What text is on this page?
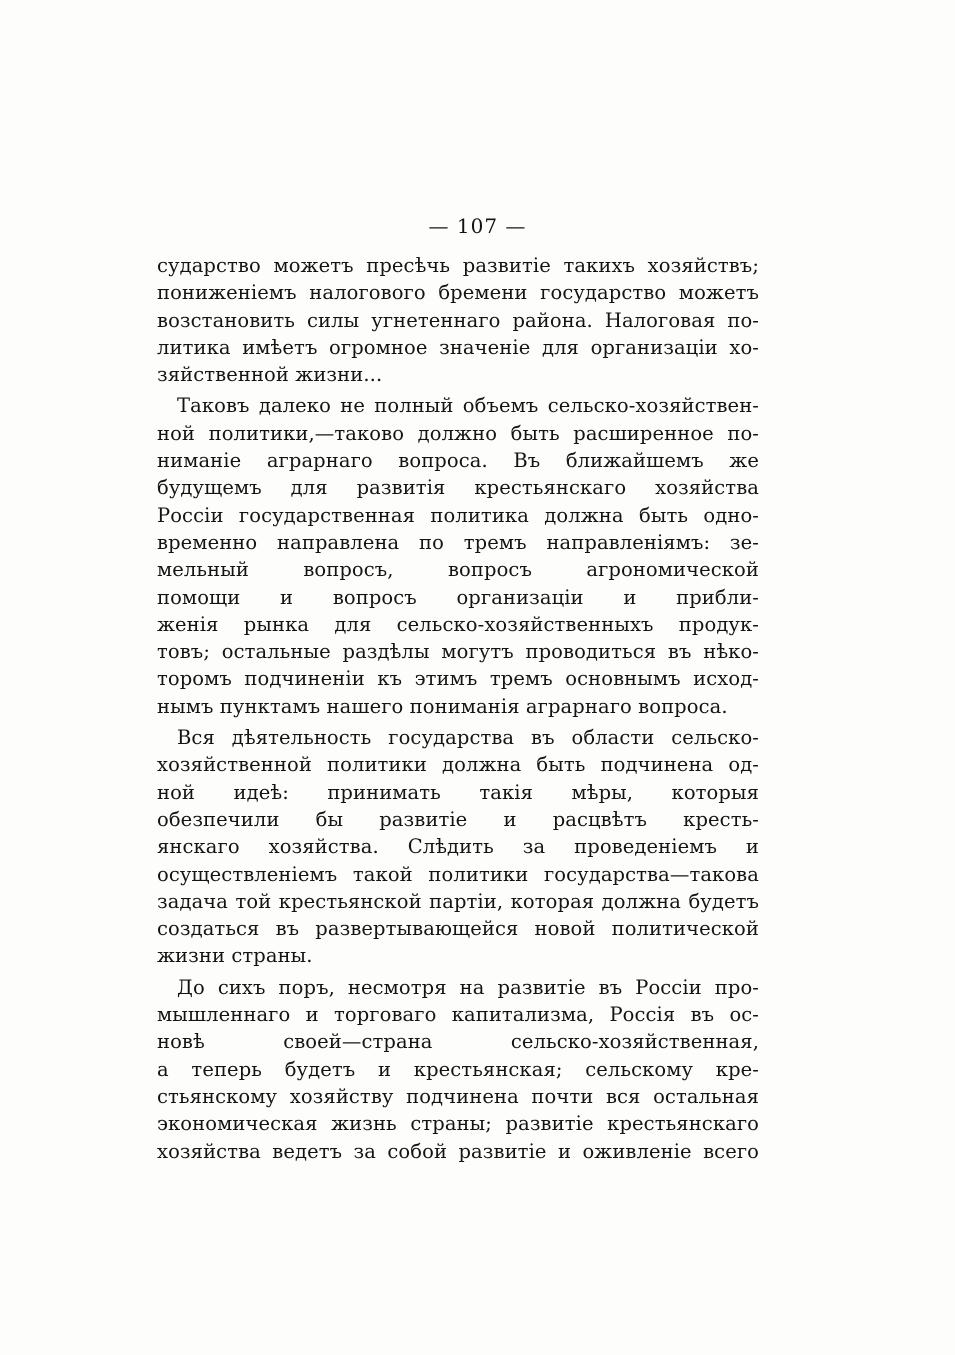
— 107 —
сударство можетъ пресѣчь развитіе такихъ хозяйствъ;
пониженіемъ налогового бремени государство можетъ
возстановить силы угнетеннаго района. Налоговая по-
литика имѣетъ огромное значеніе для организаціи хо-
зяйственной жизни...
Таковъ далеко не полный объемъ сельско-хозяйствен-
ной политики,—таково должно быть расширенное по-
ниманіе аграрнаго вопроса. Въ ближайшемъ же
будущемъ для развитія крестьянскаго хозяйства
Россіи государственная политика должна быть одно-
временно направлена по тремъ направленіямъ: зе-
мельный вопросъ, вопросъ агрономической
помощи и вопросъ организаціи и прибли-
женія рынка для сельско-хозяйственныхъ продук-
товъ; остальные раздѣлы могутъ проводиться въ нѣко-
торомъ подчиненіи къ этимъ тремъ основнымъ исход-
нымъ пунктамъ нашего пониманія аграрнаго вопроса.
Вся дѣятельность государства въ области сельско-
хозяйственной политики должна быть подчинена од-
ной идеѣ: принимать такія мѣры, которыя
обезпечили бы развитіе и расцвѣтъ кресть-
янскаго хозяйства. Слѣдить за проведеніемъ и
осуществленіемъ такой политики государства—такова
задача той крестьянской партіи, которая должна будетъ
создаться въ развертывающейся новой политической
жизни страны.
До сихъ поръ, несмотря на развитіе въ Россіи про-
мышленнаго и торговаго капитализма, Россія въ ос-
новѣ своей—страна сельско-хозяйственная,
а теперь будетъ и крестьянская; сельскому кре-
стьянскому хозяйству подчинена почти вся остальная
экономическая жизнь страны; развитіе крестьянскаго
хозяйства ведетъ за собой развитіе и оживленіе всего
